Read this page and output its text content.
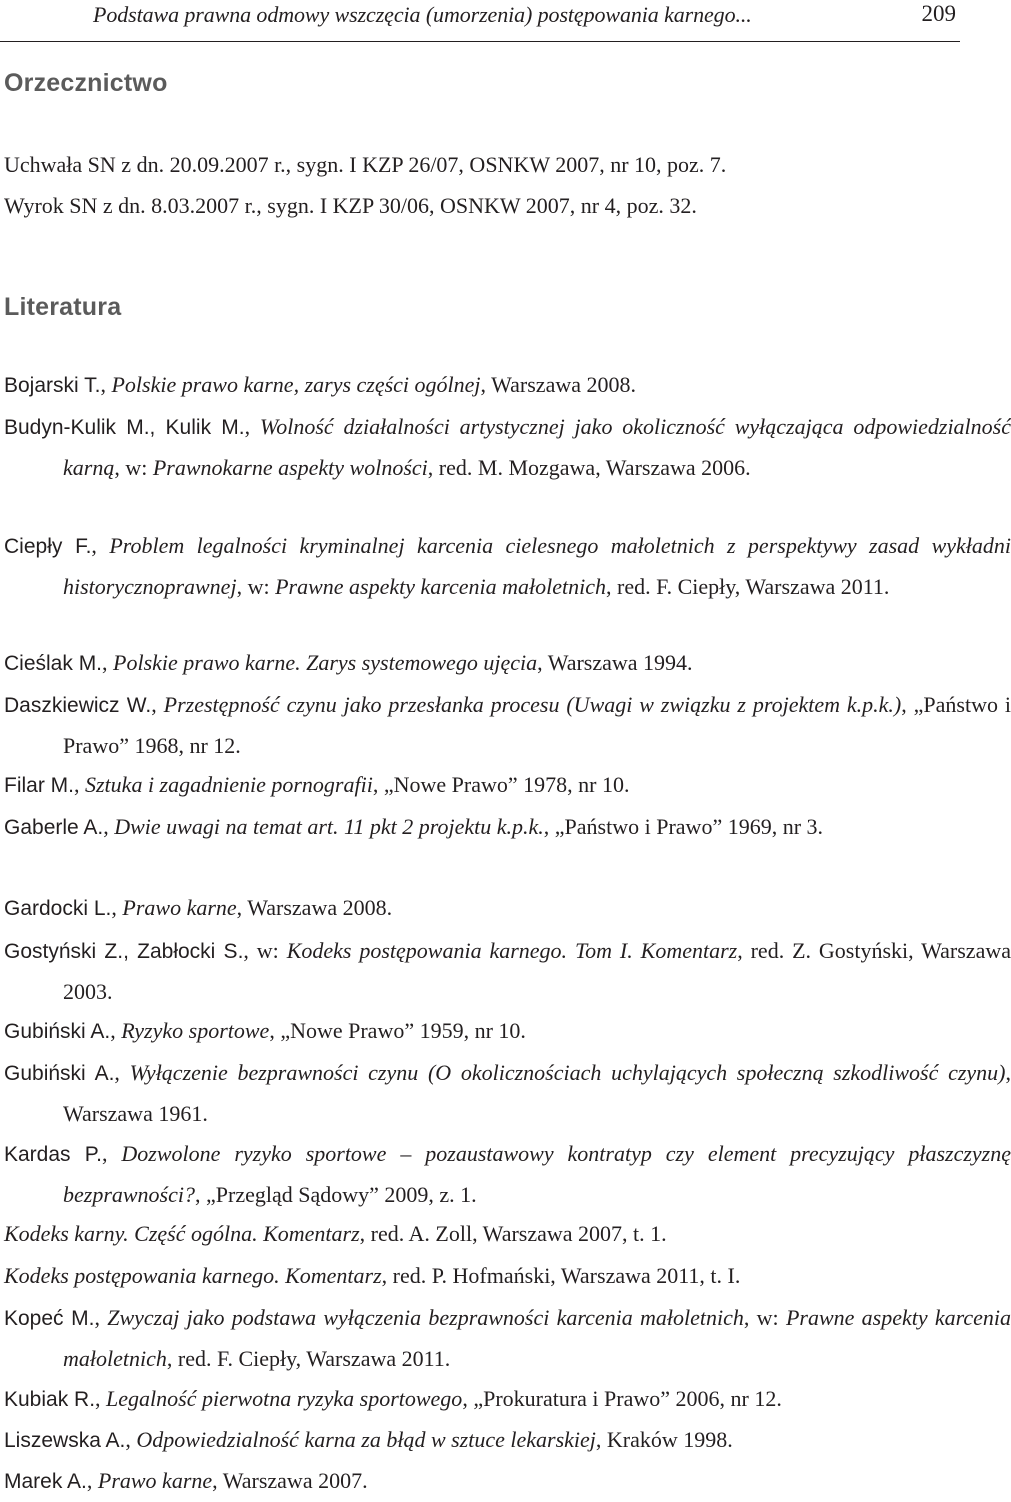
Podstawa prawna odmowy wszczęcia (umorzenia) postępowania karnego...	209
Orzecznictwo
Uchwała SN z dn. 20.09.2007 r., sygn. I KZP 26/07, OSNKW 2007, nr 10, poz. 7.
Wyrok SN z dn. 8.03.2007 r., sygn. I KZP 30/06, OSNKW 2007, nr 4, poz. 32.
Literatura
Bojarski T., Polskie prawo karne, zarys części ogólnej, Warszawa 2008.
Budyn-Kulik M., Kulik M., Wolność działalności artystycznej jako okoliczność wyłączająca odpowiedzialność karną, w: Prawnokarne aspekty wolności, red. M. Mozgawa, Warszawa 2006.
Ciepły F., Problem legalności kryminalnej karcenia cielesnego małoletnich z perspektywy zasad wykładni historycznoprawnej, w: Prawne aspekty karcenia małoletnich, red. F. Ciepły, Warszawa 2011.
Cieślak M., Polskie prawo karne. Zarys systemowego ujęcia, Warszawa 1994.
Daszkiewicz W., Przestępność czynu jako przesłanka procesu (Uwagi w związku z projektem k.p.k.), „Państwo i Prawo” 1968, nr 12.
Filar M., Sztuka i zagadnienie pornografii, „Nowe Prawo” 1978, nr 10.
Gaberle A., Dwie uwagi na temat art. 11 pkt 2 projektu k.p.k., „Państwo i Prawo” 1969, nr 3.
Gardocki L., Prawo karne, Warszawa 2008.
Gostyński Z., Zabłocki S., w: Kodeks postępowania karnego. Tom I. Komentarz, red. Z. Gostyński, Warszawa 2003.
Gubiński A., Ryzyko sportowe, „Nowe Prawo” 1959, nr 10.
Gubiński A., Wyłączenie bezprawności czynu (O okolicznościach uchylających społeczną szkodliwość czynu), Warszawa 1961.
Kardas P., Dozwolone ryzyko sportowe – pozaustawowy kontratyp czy element precyzujący płaszczyznę bezprawności?, „Przegląd Sądowy” 2009, z. 1.
Kodeks karny. Część ogólna. Komentarz, red. A. Zoll, Warszawa 2007, t. 1.
Kodeks postępowania karnego. Komentarz, red. P. Hofmański, Warszawa 2011, t. I.
Kopeć M., Zwyczaj jako podstawa wyłączenia bezprawności karcenia małoletnich, w: Prawne aspekty karcenia małoletnich, red. F. Ciepły, Warszawa 2011.
Kubiak R., Legalność pierwotna ryzyka sportowego, „Prokuratura i Prawo” 2006, nr 12.
Liszewska A., Odpowiedzialność karna za błąd w sztuce lekarskiej, Kraków 1998.
Marek A., Prawo karne, Warszawa 2007.
